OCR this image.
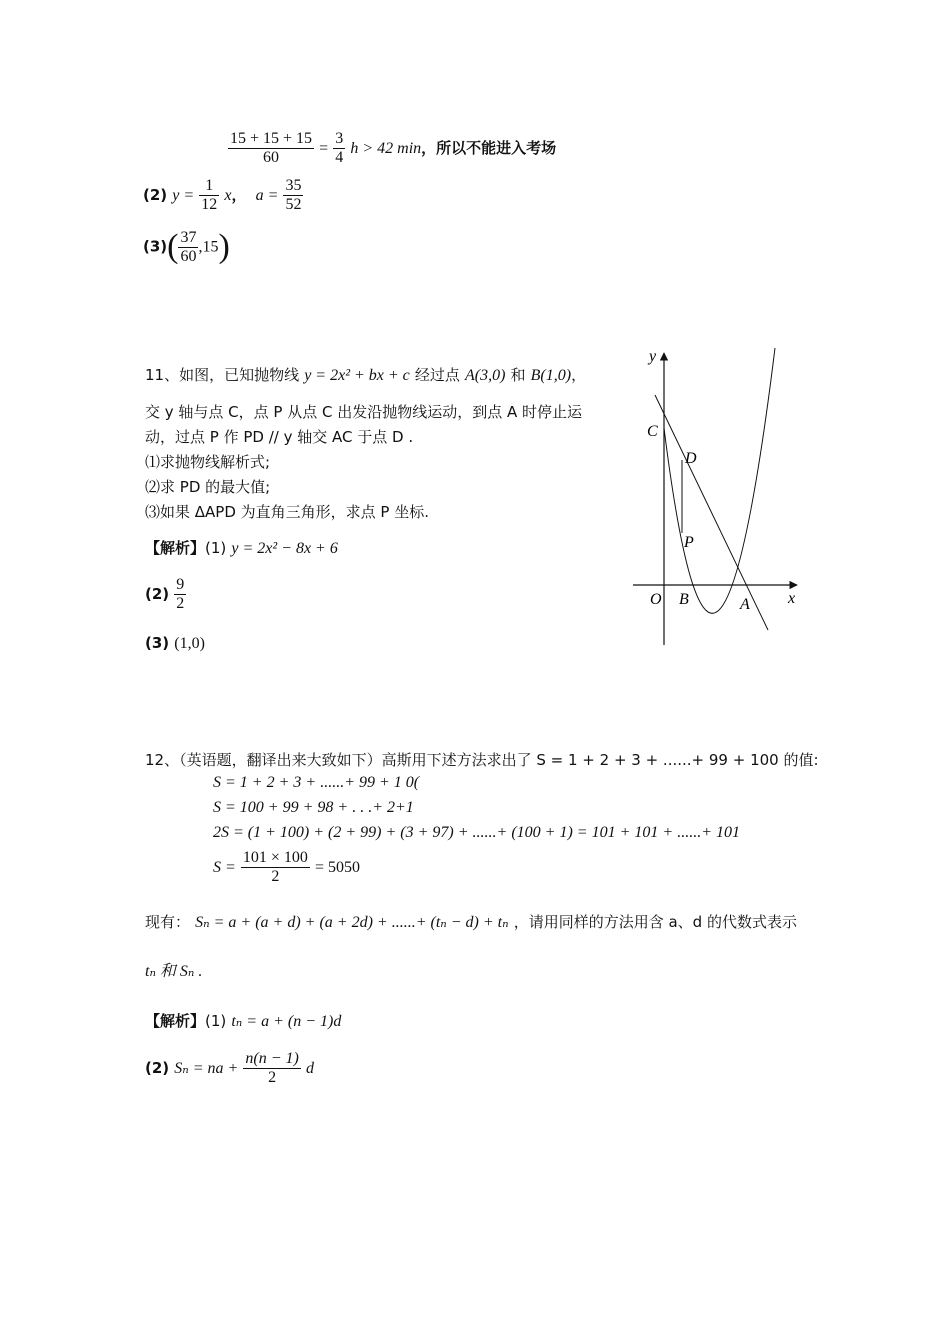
$\frac{15 + 15 + 15}{60} = \frac{3}{4}$ h > 42 min，所以不能进入考场
(2) $y = \frac{1}{12}$ x， $a = \frac{35}{52}$
$(3)( \frac{37}{60} ,15)$
11、如图，已知抛物线 y = 2x² + bx + c 经过点 A(3,0) 和 B(1,0)，
交 y 轴与点 C，点 P 从点 C 出发沿抛物线运动，到点 A 时停止运
动，过点 P 作 PD // y 轴交 AC 于点 D .
⑴求抛物线解析式;
⑵求 PD 的最大值;
⑶如果 ΔAPD 为直角三角形，求点 P 坐标.
【解析】(1) y = 2x² − 8x + 6
$(2) \frac{9}{2}$
(3) (1,0)
y
x
C
D
P
O B	A
12、（英语题，翻译出来大致如下）高斯用下述方法求出了 S = 1 + 2 + 3 + ......+ 99 + 100 的值:
S = 1 + 2 + 3 + ......+ 99 + 1 0(
S = 100 + 99 + 98 + . . .+ 2+1
2S = (1 + 100) + (2 + 99) + (3 + 97) + ......+ (100 + 1) = 101 + 101 + ......+ 101
$S = \frac{101 \times 100}{2} = 5050$
现有： Sₙ = a + (a + d) + (a + 2d) + ......+ (tₙ − d) + tₙ ，请用同样的方法用含 a、d 的代数式表示
tₙ 和 Sₙ .
【解析】(1) tₙ = a + (n − 1)d
(2) Sₙ = na + $\frac{n(n - 1)}{2}$ d
